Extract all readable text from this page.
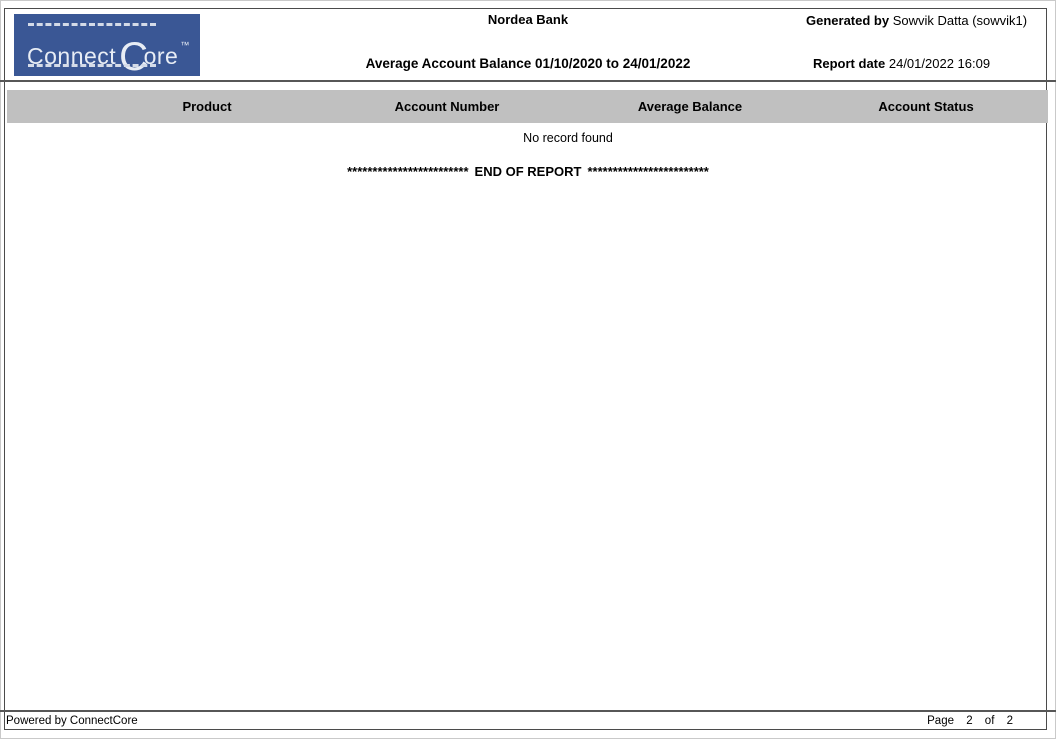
ConnectCore ™
Nordea Bank
Average Account Balance 01/10/2020 to 24/01/2022
Generated by Sowvik Datta (sowvik1)
Report date 24/01/2022 16:09
Product	Account Number	Average Balance	Account Status
No record found
************************ END OF REPORT ************************
Powered by ConnectCore	Page 2 of 2
